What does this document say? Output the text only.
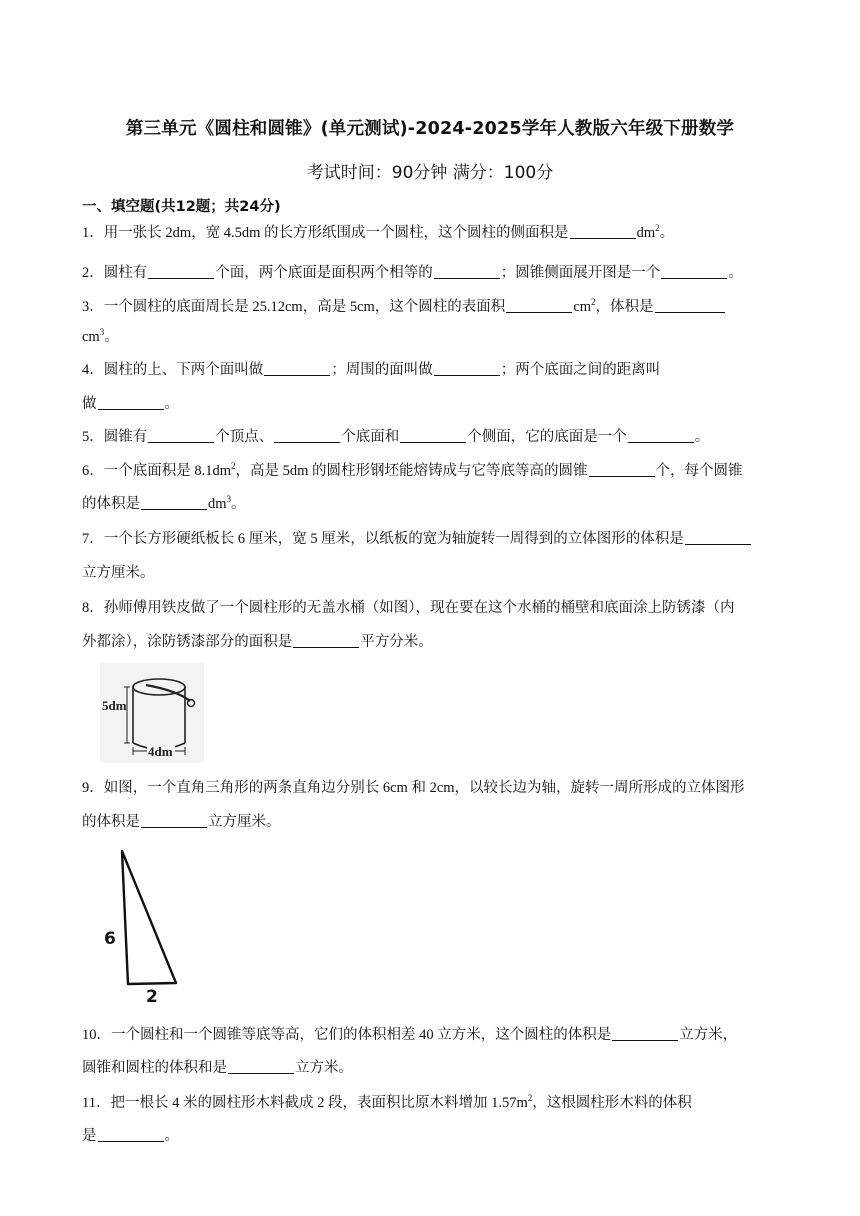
第三单元《圆柱和圆锥》(单元测试)-2024-2025学年人教版六年级下册数学
考试时间：90分钟 满分：100分
一、填空题(共12题；共24分)
1．用一张长 2dm，宽 4.5dm 的长方形纸围成一个圆柱，这个圆柱的侧面积是	$dm^2$。
2．圆柱有	个面，两个底面是面积两个相等的	；圆锥侧面展开图是一个	。
3．一个圆柱的底面周长是 25.12cm，高是 5cm，这个圆柱的表面积	$cm^2$，体积是
$cm^3$。
4．圆柱的上、下两个面叫做	；周围的面叫做	；两个底面之间的距离叫
做	。
5．圆锥有	个顶点、	个底面和	个侧面，它的底面是一个	。
6．一个底面积是 $8.1dm^2$，高是 5dm 的圆柱形钢坯能熔铸成与它等底等高的圆锥	个，每个圆锥
的体积是	$dm^3$。
7．一个长方形硬纸板长 6 厘米，宽 5 厘米，以纸板的宽为轴旋转一周得到的立体图形的体积是
立方厘米。
8．孙师傅用铁皮做了一个圆柱形的无盖水桶（如图），现在要在这个水桶的桶壁和底面涂上防锈漆（内
外都涂），涂防锈漆部分的面积是	平方分米。
5dm
4dm
9．如图，一个直角三角形的两条直角边分别长 6cm 和 2cm，以较长边为轴，旋转一周所形成的立体图形
的体积是	立方厘米。
6
2
10．一个圆柱和一个圆锥等底等高，它们的体积相差 40 立方米，这个圆柱的体积是	立方米，
圆锥和圆柱的体积和是	立方米。
11．把一根长 4 米的圆柱形木料截成 2 段，表面积比原木料增加 $1.57m^2$，这根圆柱形木料的体积
是	。
